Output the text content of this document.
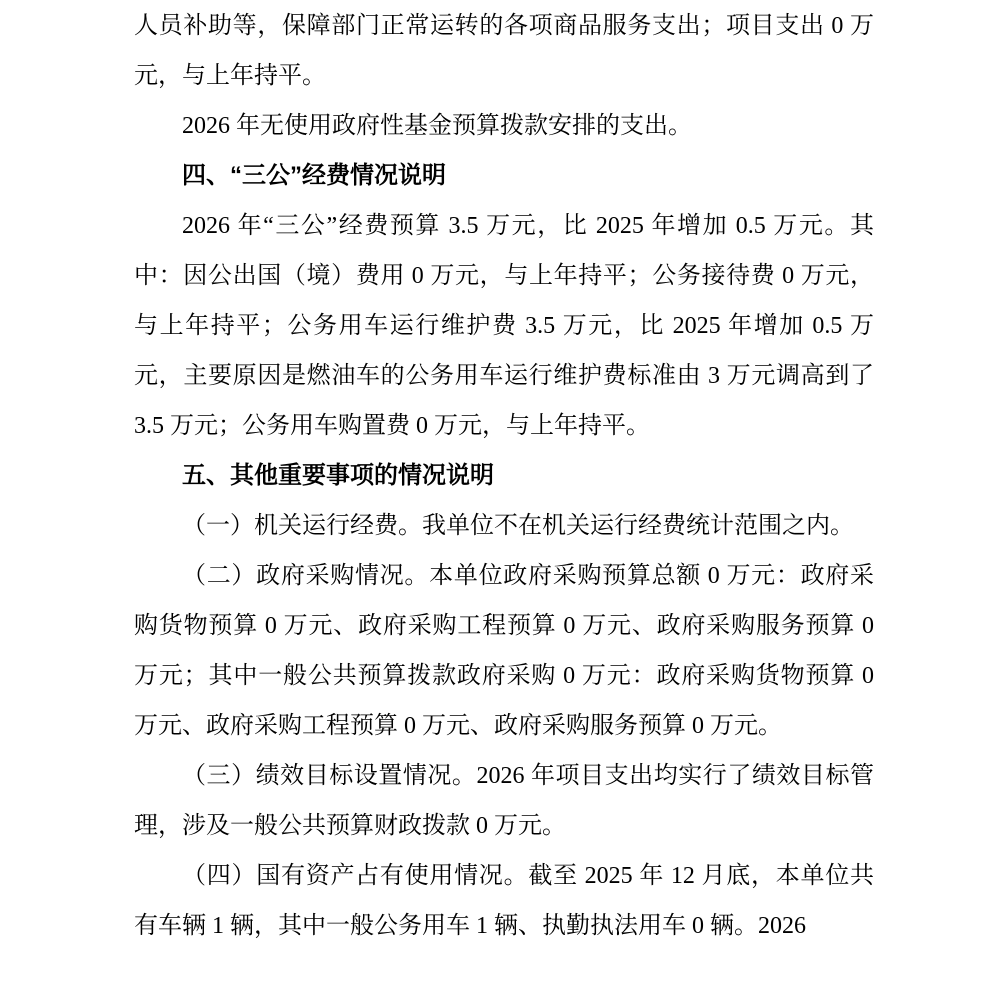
人员补助等，保障部门正常运转的各项商品服务支出；项目支出 0 万元，与上年持平。

2026 年无使用政府性基金预算拨款安排的支出。

四、“三公”经费情况说明

2026 年“三公”经费预算 3.5 万元，比 2025 年增加 0.5 万元。其中：因公出国（境）费用 0 万元，与上年持平；公务接待费 0 万元，与上年持平；公务用车运行维护费 3.5 万元，比 2025 年增加 0.5 万元，主要原因是燃油车的公务用车运行维护费标准由 3 万元调高到了 3.5 万元；公务用车购置费 0 万元，与上年持平。

五、其他重要事项的情况说明

（一）机关运行经费。我单位不在机关运行经费统计范围之内。

（二）政府采购情况。本单位政府采购预算总额 0 万元：政府采购货物预算 0 万元、政府采购工程预算 0 万元、政府采购服务预算 0 万元；其中一般公共预算拨款政府采购 0 万元：政府采购货物预算 0 万元、政府采购工程预算 0 万元、政府采购服务预算 0 万元。

（三）绩效目标设置情况。2026 年项目支出均实行了绩效目标管理，涉及一般公共预算财政拨款 0 万元。

（四）国有资产占有使用情况。截至 2025 年 12 月底，本单位共有车辆 1 辆，其中一般公务用车 1 辆、执勤执法用车 0 辆。2026
